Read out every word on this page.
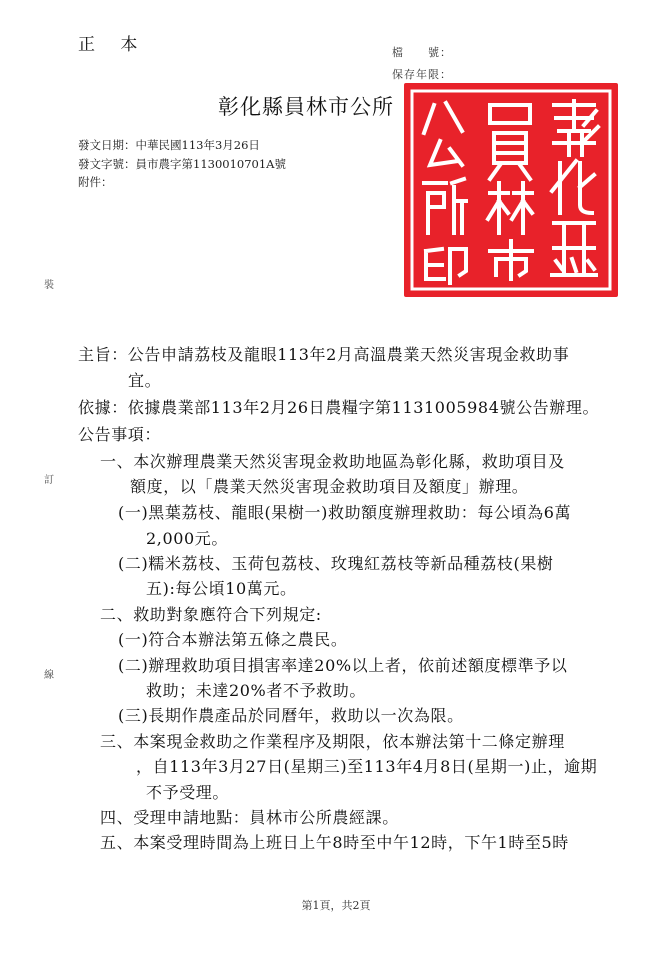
正 本	檔　　號：
保存年限：
彰化縣員林市公所
發文日期：中華民國113年3月26日
發文字號：員市農字第1130010701A號
附件：
裝
訂
線
主旨：公告申請荔枝及龍眼113年2月高溫農業天然災害現金救助事
宜。
依據：依據農業部113年2月26日農糧字第1131005984號公告辦理。
公告事項：
一、本次辦理農業天然災害現金救助地區為彰化縣，救助項目及
額度，以「農業天然災害現金救助項目及額度」辦理。
(一)黑葉荔枝、龍眼(果樹一)救助額度辦理救助：每公頃為6萬
2,000元。
(二)糯米荔枝、玉荷包荔枝、玫瑰紅荔枝等新品種荔枝(果樹
五):每公頃10萬元。
二、救助對象應符合下列規定:
(一)符合本辦法第五條之農民。
(二)辦理救助項目損害率達20%以上者，依前述額度標準予以
救助；未達20%者不予救助。
(三)長期作農產品於同曆年，救助以一次為限。
三、本案現金救助之作業程序及期限，依本辦法第十二條定辦理
，自113年3月27日(星期三)至113年4月8日(星期一)止，逾期
不予受理。
四、受理申請地點：員林市公所農經課。
五、本案受理時間為上班日上午8時至中午12時，下午1時至5時
第1頁，共2頁
